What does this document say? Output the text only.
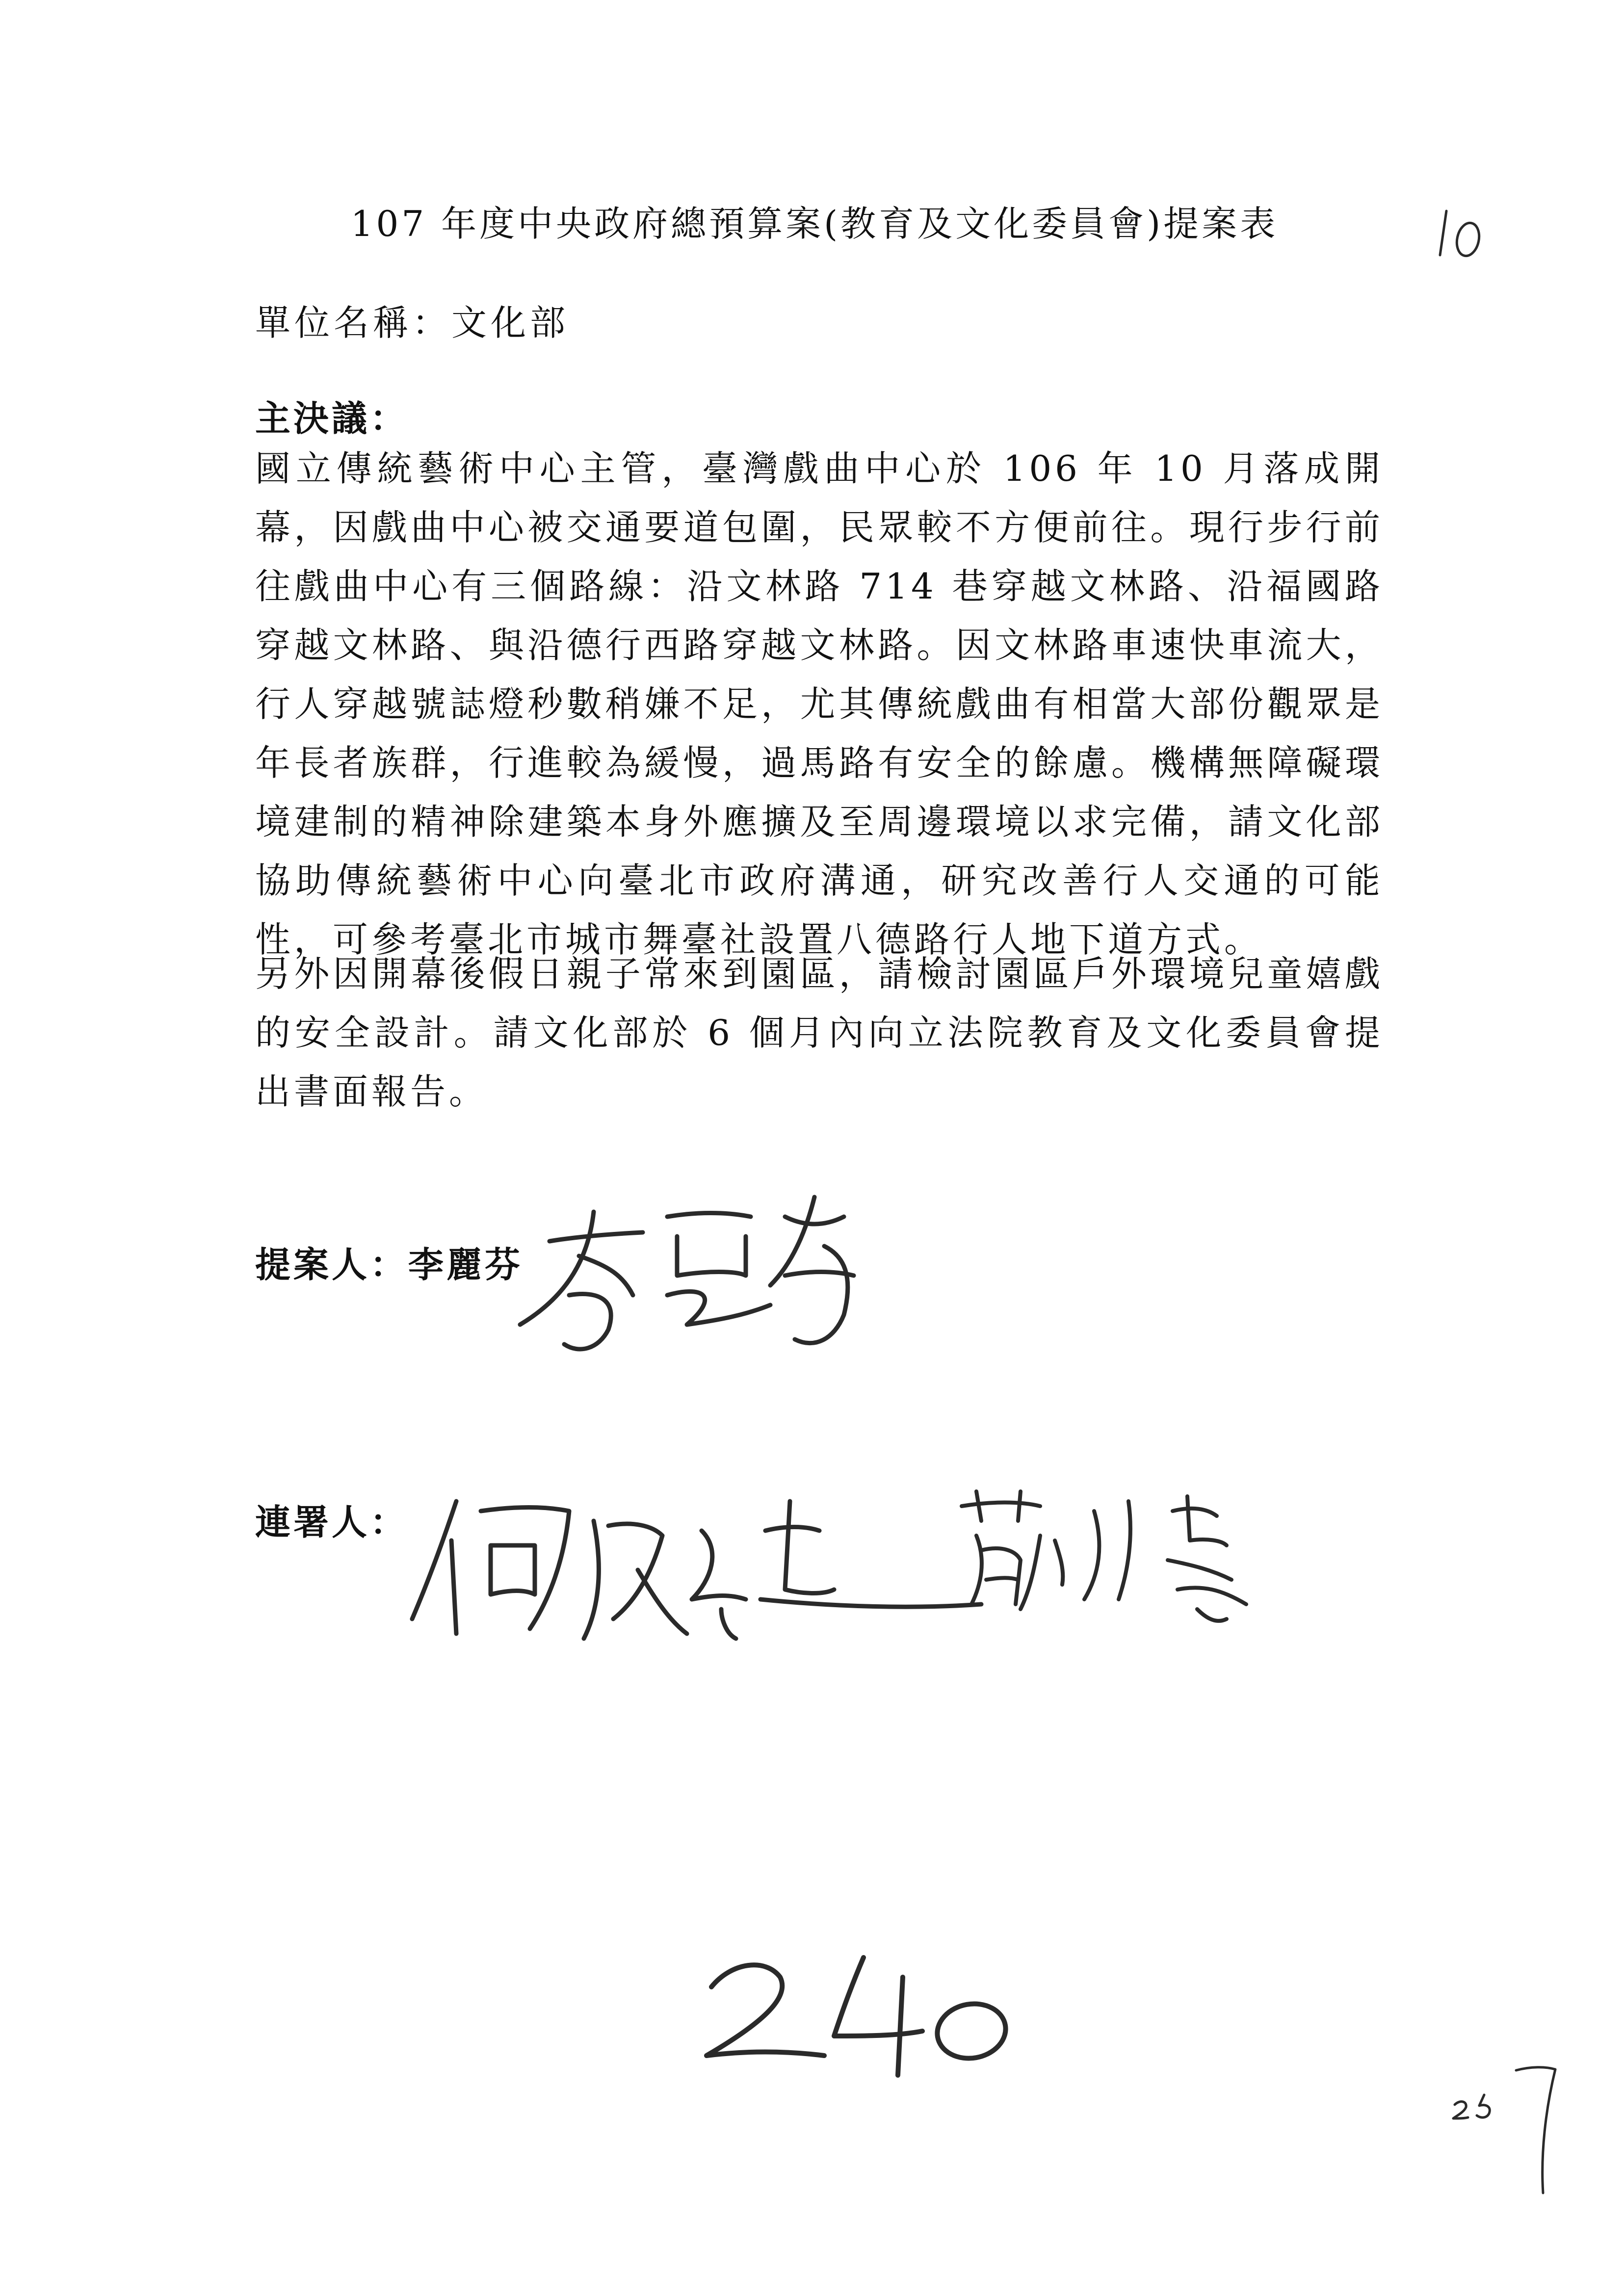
107 年度中央政府總預算案(教育及文化委員會)提案表
單位名稱：文化部
主決議：

國立傳統藝術中心主管，臺灣戲曲中心於 106 年 10 月落成開幕，因戲曲中心被交通要道包圍，民眾較不方便前往。現行步行前往戲曲中心有三個路線：沿文林路 714 巷穿越文林路、沿福國路穿越文林路、與沿德行西路穿越文林路。因文林路車速快車流大，行人穿越號誌燈秒數稍嫌不足，尤其傳統戲曲有相當大部份觀眾是年長者族群，行進較為緩慢，過馬路有安全的餘慮。機構無障礙環境建制的精神除建築本身外應擴及至周邊環境以求完備，請文化部協助傳統藝術中心向臺北市政府溝通，研究改善行人交通的可能性，可參考臺北市城市舞臺社設置八德路行人地下道方式。

另外因開幕後假日親子常來到園區，請檢討園區戶外環境兒童嬉戲的安全設計。請文化部於 6 個月內向立法院教育及文化委員會提出書面報告。

提案人：李麗芬
連署人：
